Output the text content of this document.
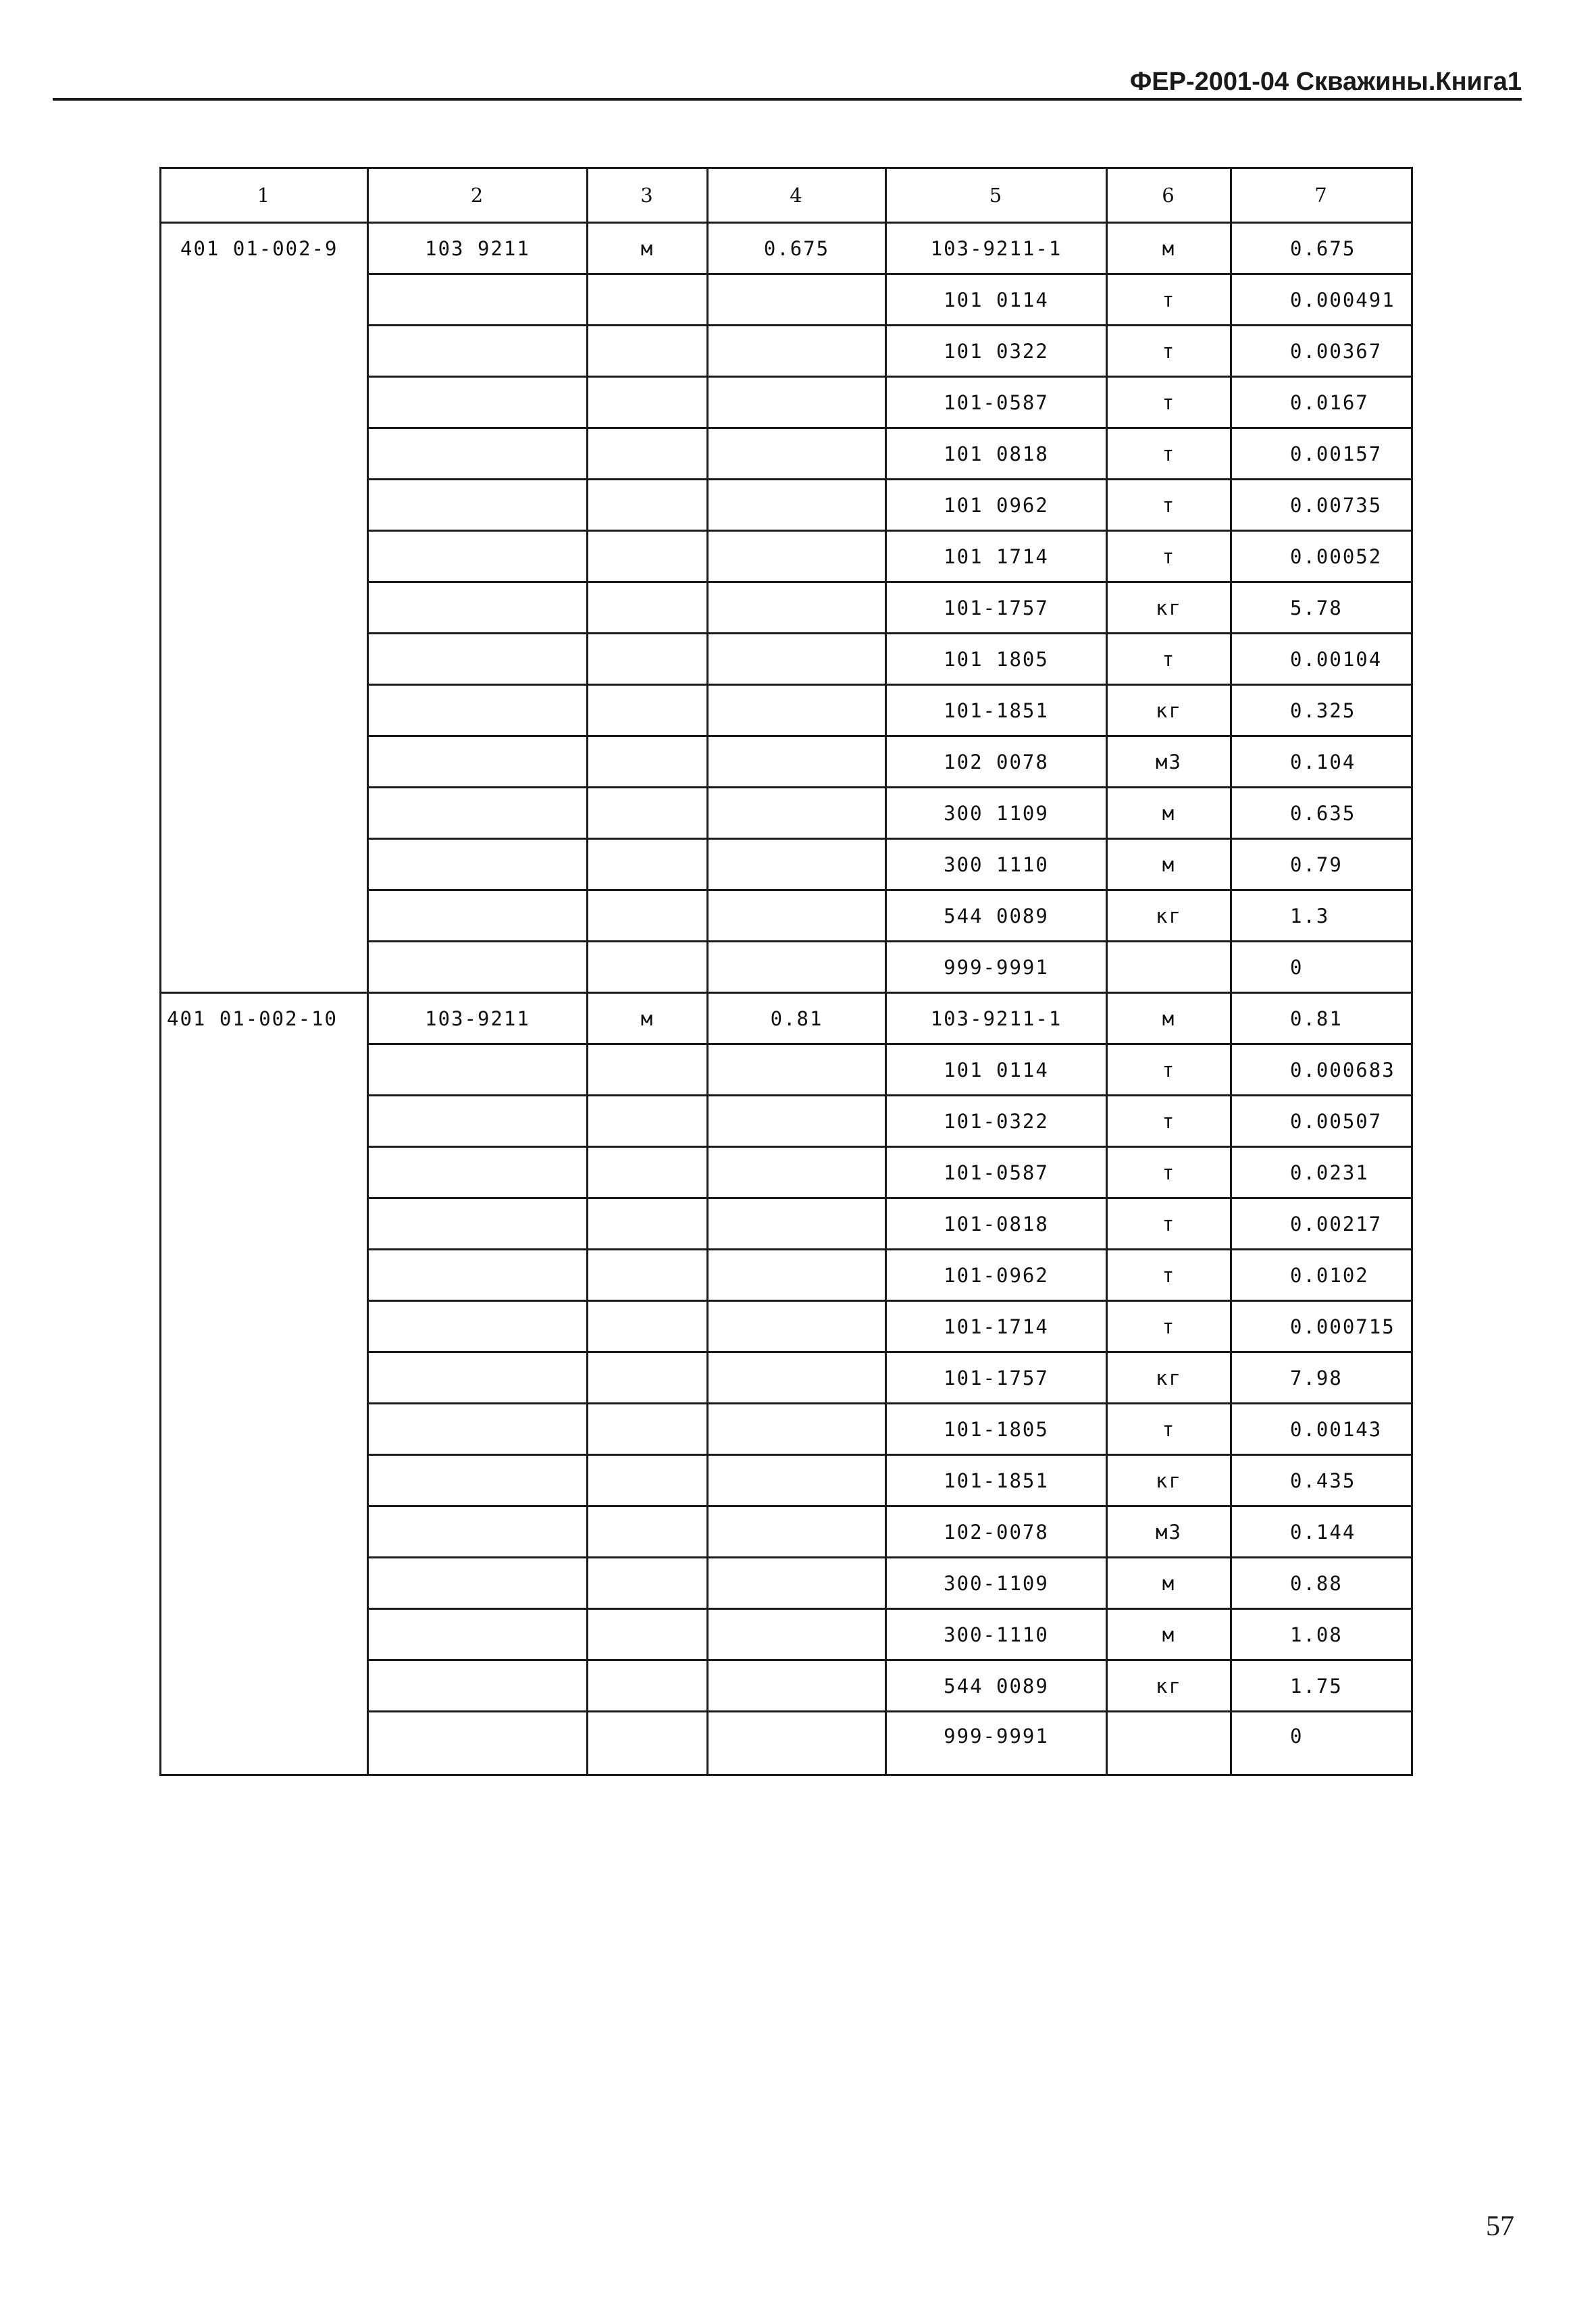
ФЕР-2001-04 Скважины.Книга1
1	2	3	4	5	6	7
401 01-002-9	103 9211	м	0.675	103-9211-1	м	0.675
				101 0114	т	0.000491
				101 0322	т	0.00367
				101-0587	т	0.0167
				101 0818	т	0.00157
				101 0962	т	0.00735
				101 1714	т	0.00052
				101-1757	кг	5.78
				101 1805	т	0.00104
				101-1851	кг	0.325
				102 0078	м3	0.104
				300 1109	м	0.635
				300 1110	м	0.79
				544 0089	кг	1.3
				999-9991		0
401 01-002-10	103-9211	м	0.81	103-9211-1	м	0.81
				101 0114	т	0.000683
				101-0322	т	0.00507
				101-0587	т	0.0231
				101-0818	т	0.00217
				101-0962	т	0.0102
				101-1714	т	0.000715
				101-1757	кг	7.98
				101-1805	т	0.00143
				101-1851	кг	0.435
				102-0078	м3	0.144
				300-1109	м	0.88
				300-1110	м	1.08
				544 0089	кг	1.75
				999-9991		0
57
